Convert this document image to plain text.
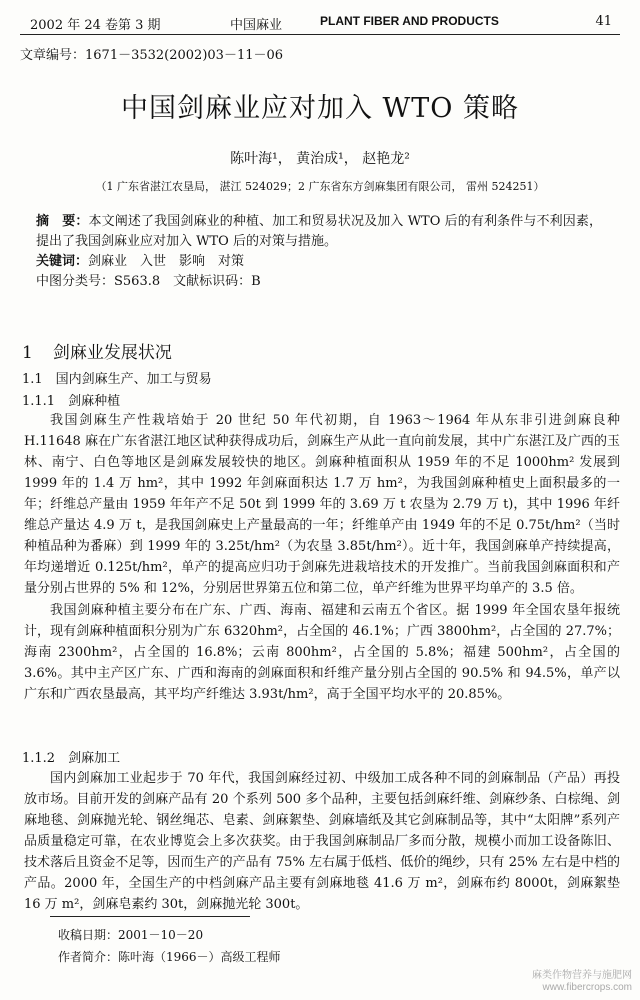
2002 年 24 卷第 3 期	中国麻业	PLANT FIBER AND PRODUCTS	41
文章编号：1671－3532(2002)03－11－06
中国剑麻业应对加入 WTO 策略
陈叶海¹， 黄治成¹， 赵艳龙²
（1 广东省湛江农垦局， 湛江 524029；2 广东省东方剑麻集团有限公司， 雷州 524251）

摘　要：本文阐述了我国剑麻业的种植、加工和贸易状况及加入 WTO 后的有利条件与不利因素，提出了我国剑麻业应对加入 WTO 后的对策与措施。

关键词：剑麻业　入世　影响　对策

中图分类号：S563.8　文献标识码：B

1 剑麻业发展状况
1.1　国内剑麻生产、加工与贸易
1.1.1　剑麻种植

我国剑麻生产性栽培始于 20 世纪 50 年代初期，自 1963～1964 年从东非引进剑麻良种 H.11648 麻在广东省湛江地区试种获得成功后，剑麻生产从此一直向前发展，其中广东湛江及广西的玉林、南宁、白色等地区是剑麻发展较快的地区。剑麻种植面积从 1959 年的不足 1000hm² 发展到 1999 年的 1.4 万 hm²，其中 1992 年剑麻面积达 1.7 万 hm²，为我国剑麻种植史上面积最多的一年；纤维总产量由 1959 年年产不足 50t 到 1999 年的 3.69 万 t 农垦为 2.79 万 t)，其中 1996 年纤维总产量达 4.9 万 t，是我国剑麻史上产量最高的一年；纤维单产由 1949 年的不足 0.75t/hm²（当时种植品种为番麻）到 1999 年的 3.25t/hm²（为农垦 3.85t/hm²）。近十年，我国剑麻单产持续提高，年均递增近 0.125t/hm²，单产的提高应归功于剑麻先进栽培技术的开发推广。当前我国剑麻面积和产量分别占世界的 5% 和 12%，分别居世界第五位和第二位，单产纤维为世界平均单产的 3.5 倍。

我国剑麻种植主要分布在广东、广西、海南、福建和云南五个省区。据 1999 年全国农垦年报统计，现有剑麻种植面积分别为广东 6320hm²，占全国的 46.1%；广西 3800hm²，占全国的 27.7%；海南 2300hm²，占全国的 16.8%；云南 800hm²，占全国的 5.8%；福建 500hm²，占全国的 3.6%。其中主产区广东、广西和海南的剑麻面积和纤维产量分别占全国的 90.5% 和 94.5%，单产以广东和广西农垦最高，其平均产纤维达 3.93t/hm²，高于全国平均水平的 20.85%。

1.1.2　剑麻加工

国内剑麻加工业起步于 70 年代，我国剑麻经过初、中级加工成各种不同的剑麻制品（产品）再投放市场。目前开发的剑麻产品有 20 个系列 500 多个品种，主要包括剑麻纤维、剑麻纱条、白棕绳、剑麻地毯、剑麻抛光轮、钢丝绳芯、皂素、剑麻絮垫、剑麻墙纸及其它剑麻制品等，其中“太阳牌”系列产品质量稳定可靠，在农业博览会上多次获奖。由于我国剑麻制品厂多而分散，规模小而加工设备陈旧、技术落后且资金不足等，因而生产的产品有 75% 左右属于低档、低价的绳纱，只有 25% 左右是中档的产品。2000 年，全国生产的中档剑麻产品主要有剑麻地毯 41.6 万 m²，剑麻布约 8000t，剑麻絮垫 16 万 m²，剑麻皂素约 30t，剑麻抛光轮 300t。

收稿日期：2001－10－20
作者简介：陈叶海（1966－）高级工程师
麻类作物营养与施肥网
www.fibercrops.com
